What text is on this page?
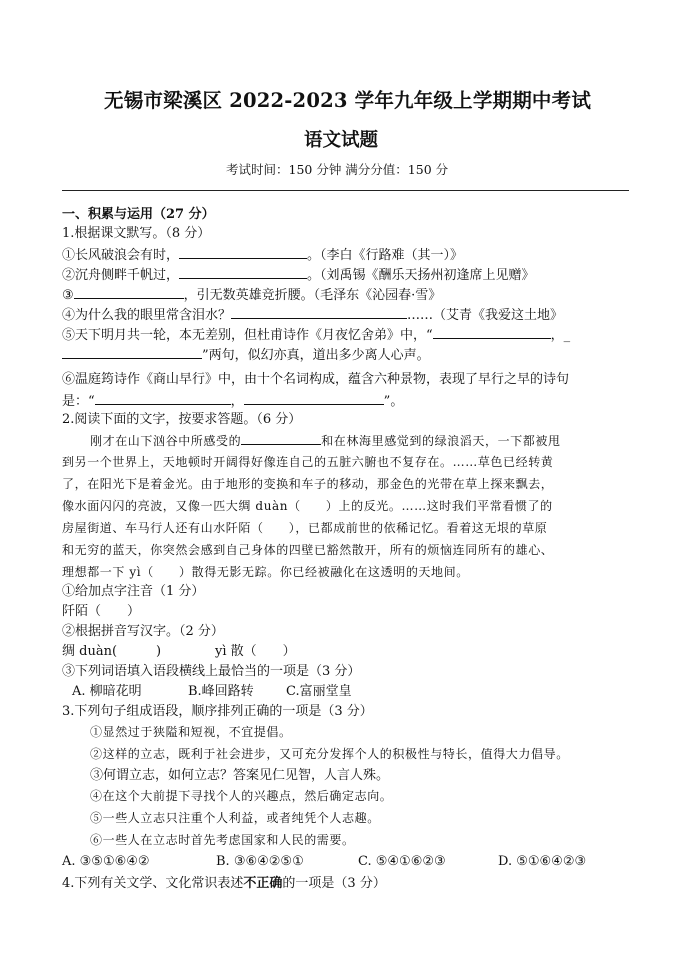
无锡市梁溪区 2022-2023 学年九年级上学期期中考试
语文试题
考试时间：150 分钟 满分分值：150 分
一、积累与运用（27 分）
1.根据课文默写。（8 分）
①长风破浪会有时，	。（李白《行路难（其一）》
②沉舟侧畔千帆过，	。（刘禹锡《酬乐天扬州初逢席上见赠》
③	，引无数英雄竞折腰。（毛泽东《沁园春·雪》
④为什么我的眼里常含泪水？	……（艾青《我爱这土地》
⑤天下明月共一轮，本无差别，但杜甫诗作《月夜忆舍弟》中，“	，_
”两句，似幻亦真，道出多少离人心声。
⑥温庭筠诗作《商山早行》中，由十个名词构成，蕴含六种景物，表现了早行之早的诗句
是：“	，	”。
2.阅读下面的文字，按要求答题。（6 分）
刚才在山下汹谷中所感受的	和在林海里感觉到的绿浪滔天，一下都被甩
到另一个世界上，天地顿时开阔得好像连自己的五脏六腑也不复存在。……草色已经转黄
了，在阳光下是着金光。由于地形的变换和车子的移动，那金色的光带在草上探来飘去，
像水面闪闪的亮波，又像一匹大绸 duàn（　　）上的反光。……这时我们平常看惯了的
房屋街道、车马行人还有山水阡陌（　　），已都成前世的依稀记忆。看着这无垠的草原
和无穷的蓝天，你突然会感到自己身体的四壁已豁然散开，所有的烦恼连同所有的雄心、
理想都一下 yì（　　）散得无影无踪。你已经被融化在这透明的天地间。
①给加点字注音（1 分）
阡陌（　　）
②根据拼音写汉字。（2 分）
绸 duàn(　　　)	yì 散（　　）
③下列词语填入语段横线上最恰当的一项是（3 分）
A. 柳暗花明	B.峰回路转 C.富丽堂皇
3.下列句子组成语段，顺序排列正确的一项是（3 分）
①显然过于狭隘和短视，不宜提倡。
②这样的立志，既利于社会进步，又可充分发挥个人的积极性与特长，值得大力倡导。
③何谓立志，如何立志？答案见仁见智，人言人殊。
④在这个大前提下寻找个人的兴趣点，然后确定志向。
⑤一些人立志只注重个人利益，或者纯凭个人志趣。
⑥一些人在立志时首先考虑国家和人民的需要。
A. ③⑤①⑥④②	B. ③⑥④②⑤①	C. ⑤④①⑥②③	D. ⑤①⑥④②③
4.下列有关文学、文化常识表述不正确的一项是（3 分）
